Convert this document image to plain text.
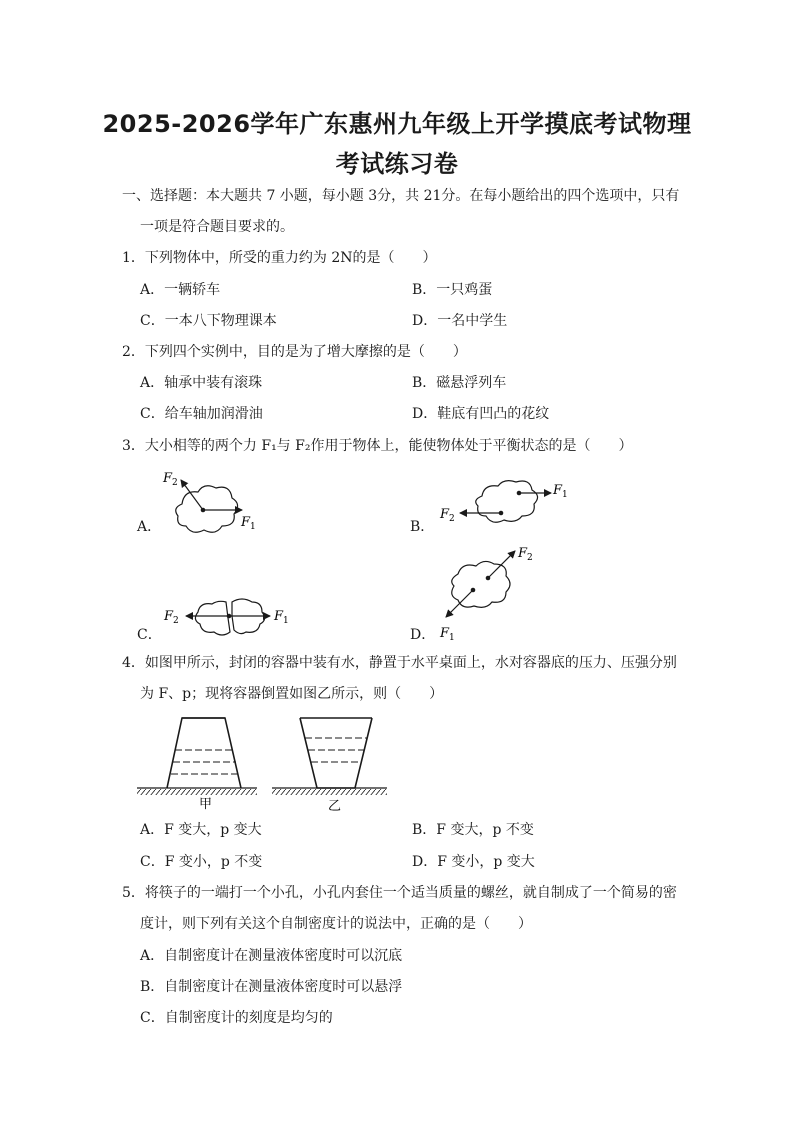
2025-2026学年广东惠州九年级上开学摸底考试物理
考试练习卷
一、选择题：本大题共 7 小题，每小题 3分，共 21分。在每小题给出的四个选项中，只有
一项是符合题目要求的。
1．下列物体中，所受的重力约为 2N的是（　　）
A．一辆轿车	B．一只鸡蛋
C．一本八下物理课本	D．一名中学生
2．下列四个实例中，目的是为了增大摩擦的是（　　）
A．轴承中装有滚珠	B．磁悬浮列车
C．给车轴加润滑油	D．鞋底有凹凸的花纹
3．大小相等的两个力 F₁与 F₂作用于物体上，能使物体处于平衡状态的是（　　）
A．	B．
C．	D．
$F_2$
$F_1$
$F_1$
$F_2$
$F_2$	$F_1$
$F_2$
$F_1$
4．如图甲所示，封闭的容器中装有水，静置于水平桌面上，水对容器底的压力、压强分别
为 F、p；现将容器倒置如图乙所示，则（　　）
甲	乙
A．F 变大，p 变大	B．F 变大，p 不变
C．F 变小，p 不变	D．F 变小，p 变大
5．将筷子的一端打一个小孔，小孔内套住一个适当质量的螺丝，就自制成了一个简易的密
度计，则下列有关这个自制密度计的说法中，正确的是（　　）
A．自制密度计在测量液体密度时可以沉底
B．自制密度计在测量液体密度时可以悬浮
C．自制密度计的刻度是均匀的
